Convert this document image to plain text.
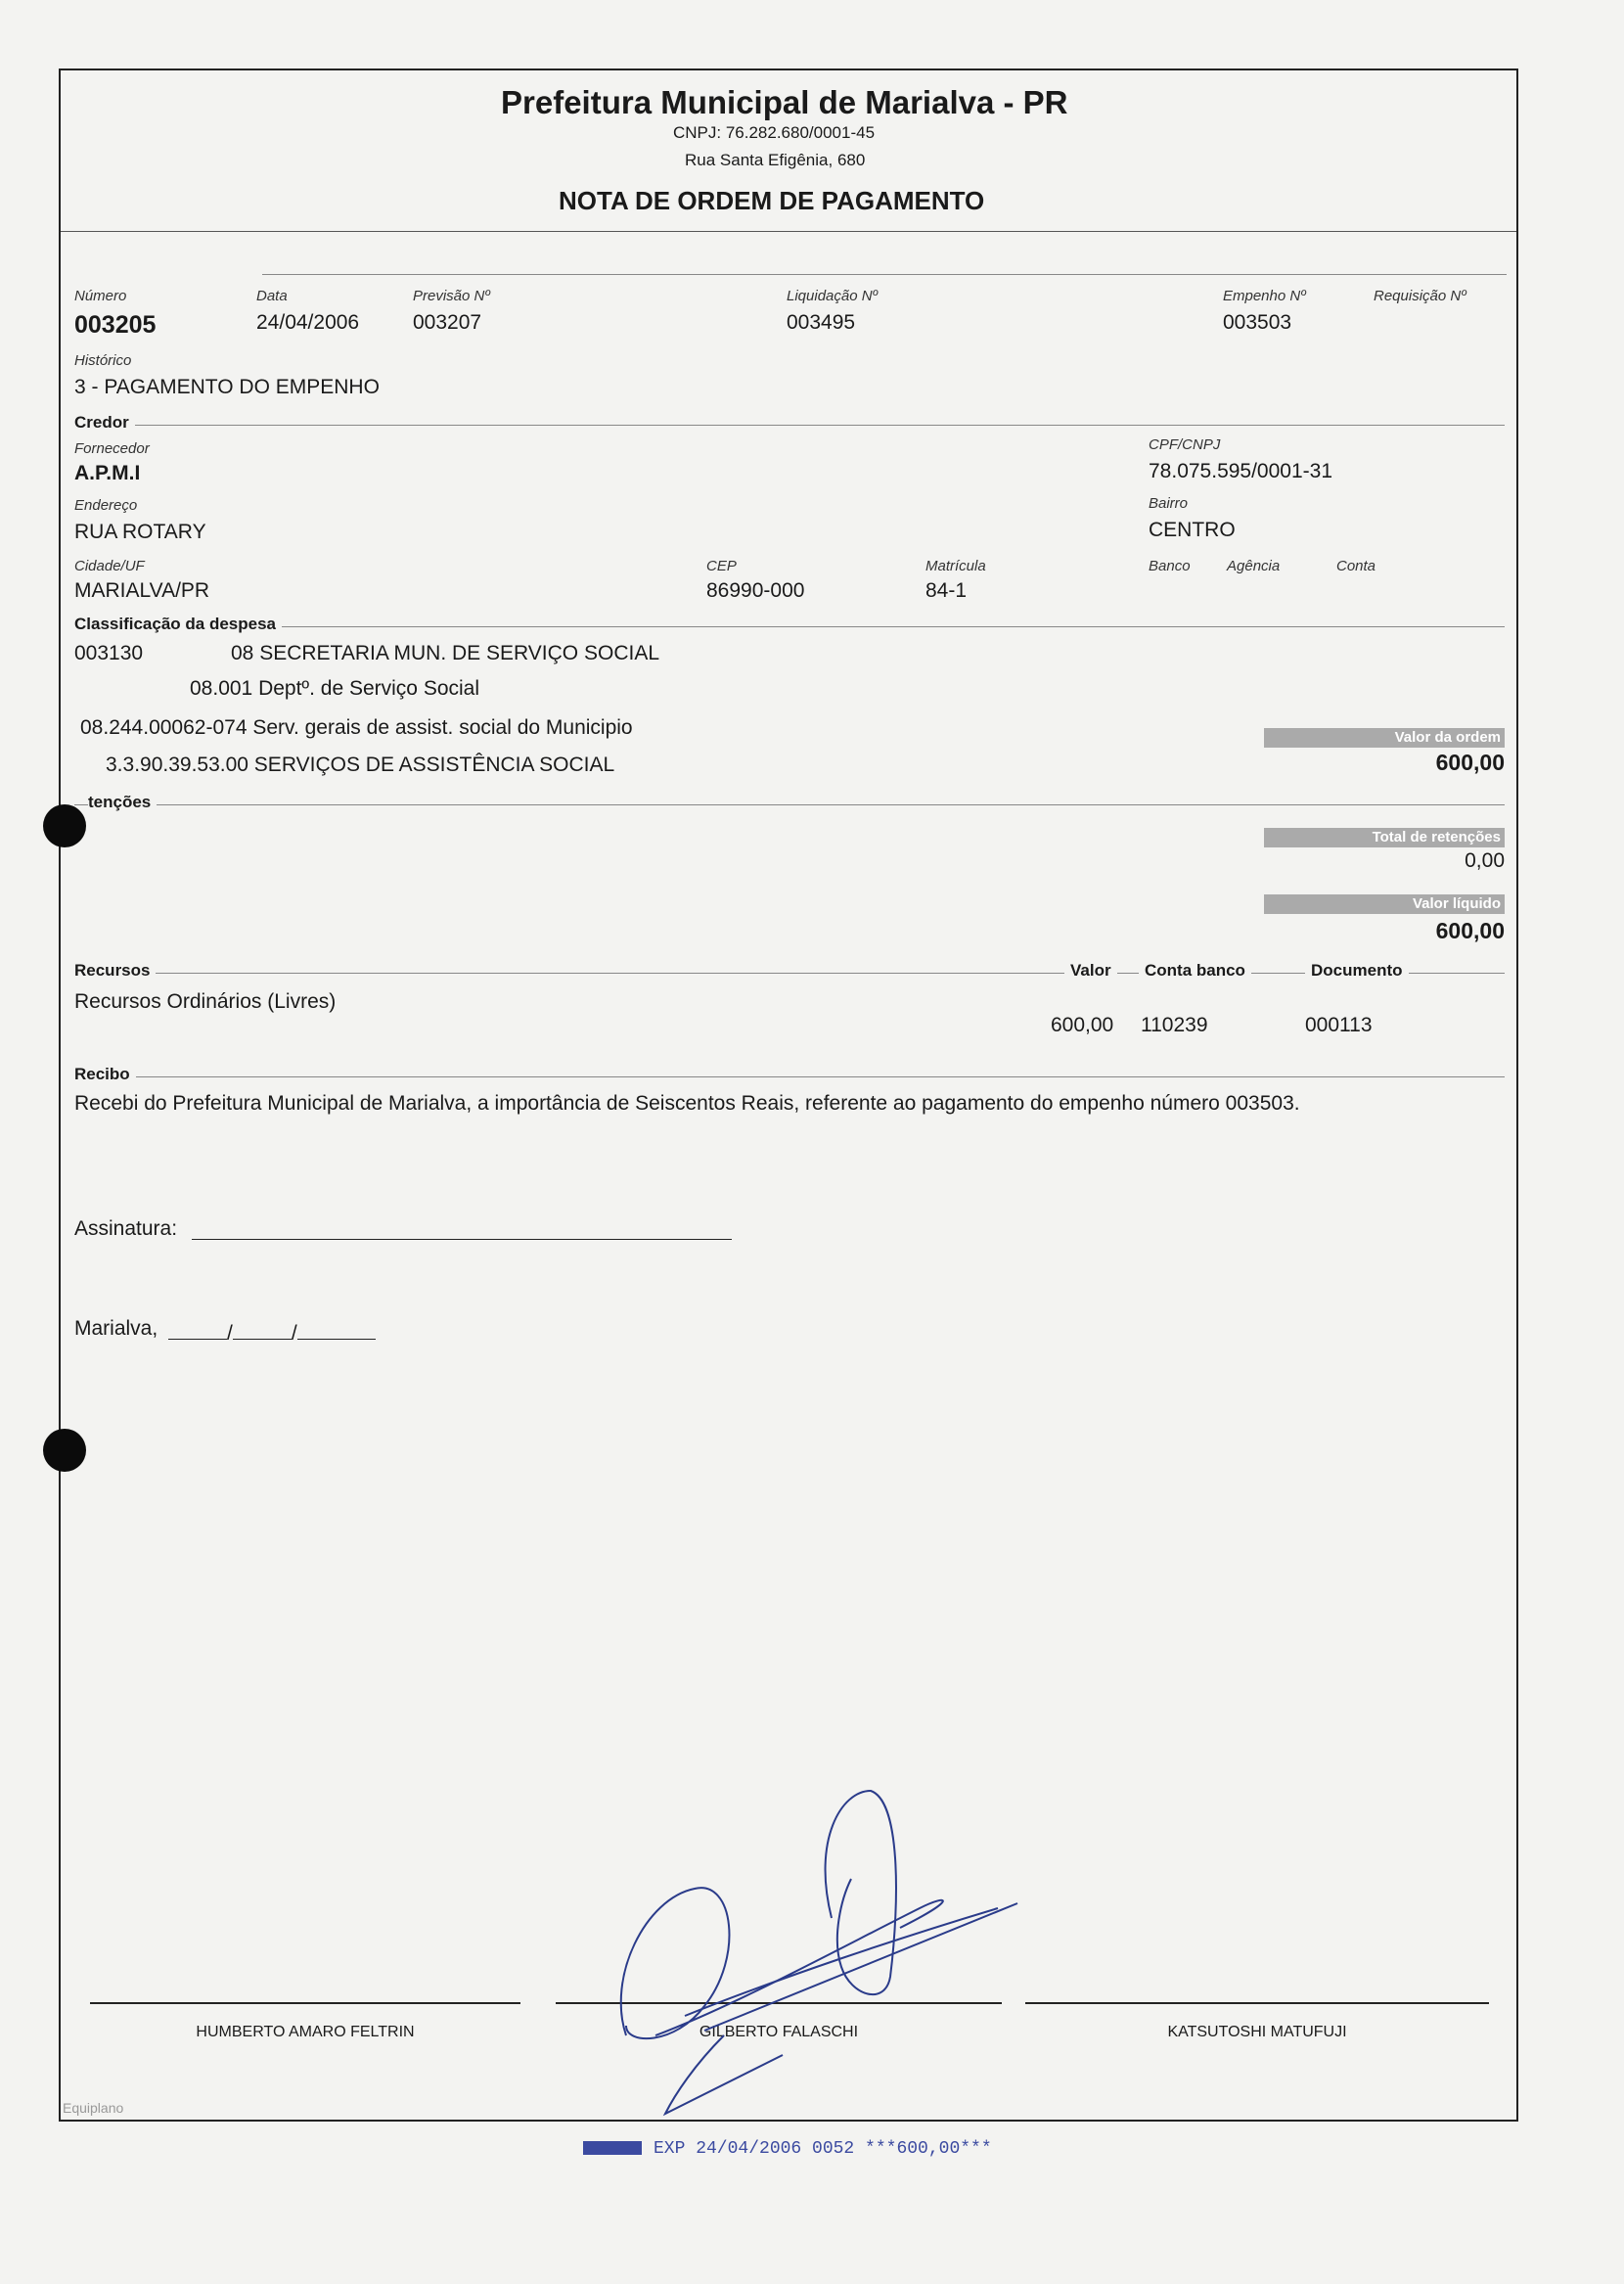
Prefeitura Municipal de Marialva - PR
CNPJ: 76.282.680/0001-45
Rua Santa Efigênia, 680
NOTA DE ORDEM DE PAGAMENTO
Número
003205
Data
24/04/2006
Previsão Nº
003207
Liquidação Nº
003495
Empenho Nº
003503
Requisição Nº
Histórico
3 - PAGAMENTO DO EMPENHO
Credor
Fornecedor
A.P.M.I
CPF/CNPJ
78.075.595/0001-31
Endereço
RUA ROTARY
Bairro
CENTRO
Cidade/UF
MARIALVA/PR
CEP
86990-000
Matrícula
84-1
Banco Agência	Conta
Classificação da despesa
003130	08 SECRETARIA MUN. DE SERVIÇO SOCIAL
08.001 Deptº. de Serviço Social
08.244.00062-074 Serv. gerais de assist. social do Municipio
3.3.90.39.53.00 SERVIÇOS DE ASSISTÊNCIA SOCIAL
Valor da ordem
600,00
tenções
Total de retenções
0,00
Valor líquido
600,00
Recursos	Valor	Conta banco	Documento
Recursos Ordinários (Livres)
600,00 110239	000113
Recibo
Recebi do Prefeitura Municipal de Marialva, a importância de Seiscentos Reais, referente ao pagamento do empenho número 003503.
Assinatura:
Marialva,	/	/
HUMBERTO AMARO FELTRIN	GILBERTO FALASCHI	KATSUTOSHI MATUFUJI
Equiplano
EXP 24/04/2006 0052 ***600,00***
